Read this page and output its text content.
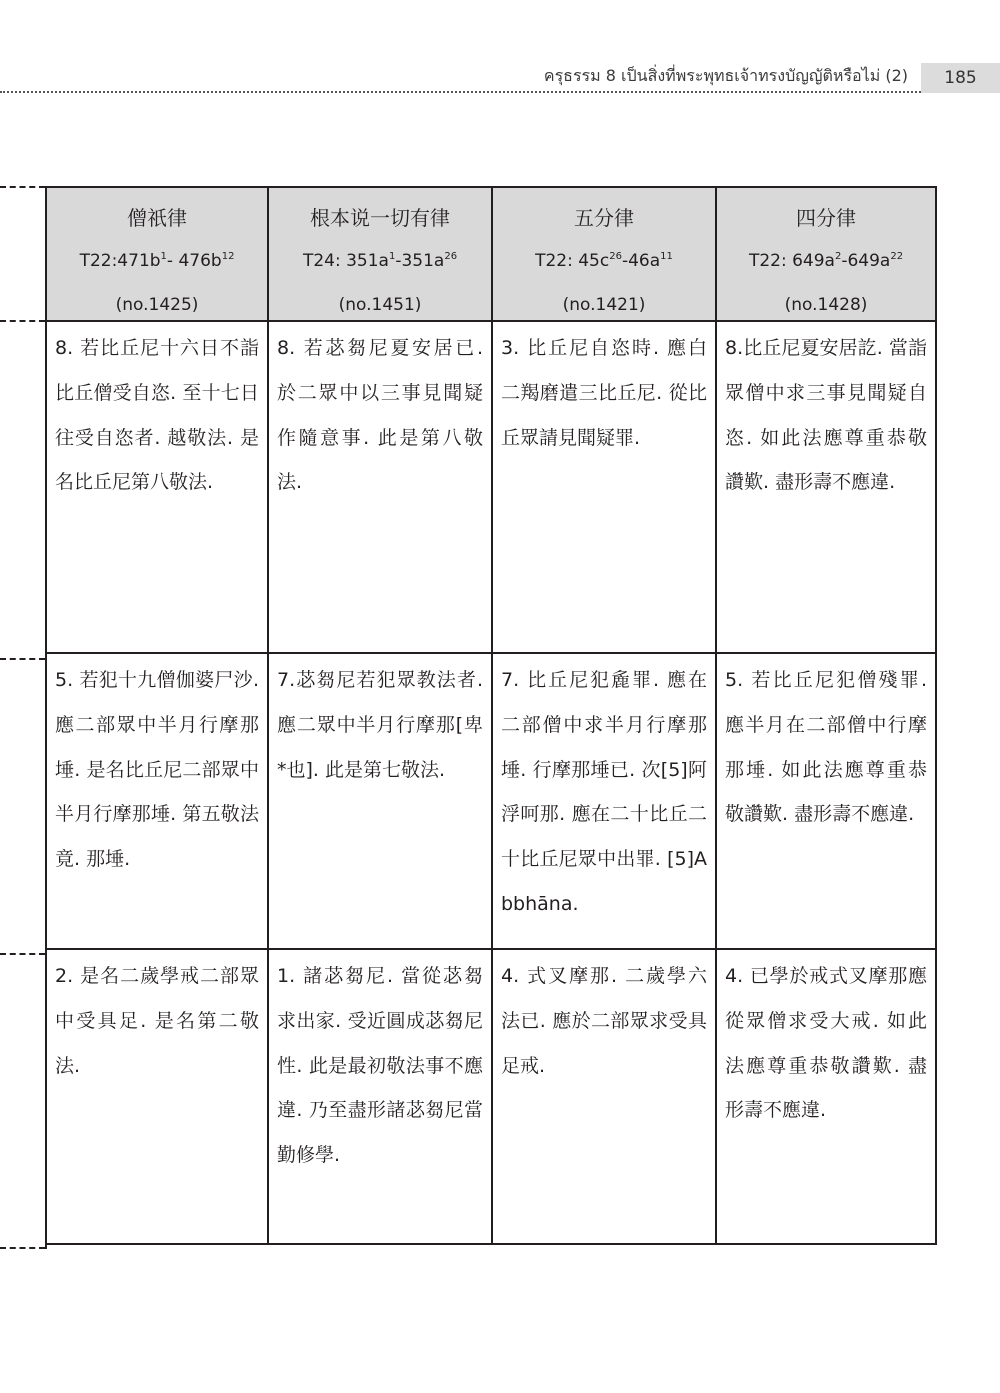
ครุธรรม 8 เป็นสิ่งที่พระพุทธเจ้าทรงบัญญัติหรือไม่ (2)	185
僧祇律
$T22:471b^1-$ $476b^{12}$
(no.1425)	根本说一切有律
T24: $351a^1-351a^{26}$
(no.1451)	五分律
T22: $45c^{26}-46a^{11}$
(no.1421)	四分律
T22: $649a^2-649a^{22}$
(no.1428)

8. 若比丘尼十六日不詣比丘僧受自恣. 至十七日往受自恣者. 越敬法. 是名比丘尼第八敬法.	8. 若苾芻尼夏安居已. 於二眾中以三事見聞疑作隨意事. 此是第八敬法.	3. 比丘尼自恣時. 應白二羯磨遣三比丘尼. 從比丘眾請見聞疑罪.	8.比丘尼夏安居訖. 當詣眾僧中求三事見聞疑自恣. 如此法應尊重恭敬讚歎. 盡形壽不應違.
5. 若犯十九僧伽婆尸沙. 應二部眾中半月行摩那埵. 是名比丘尼二部眾中半月行摩那埵. 第五敬法竟. 那埵.	7.苾芻尼若犯眾教法者. 應二眾中半月行摩那[卑*也]. 此是第七敬法.	7. 比丘尼犯麁罪. 應在二部僧中求半月行摩那埵. 行摩那埵已. 次[5]阿浮呵那. 應在二十比丘二十比丘尼眾中出罪. [5]Abbhāna.	5. 若比丘尼犯僧殘罪. 應半月在二部僧中行摩那埵. 如此法應尊重恭敬讚歎. 盡形壽不應違.
2. 是名二歲學戒二部眾中受具足. 是名第二敬法.	1. 諸苾芻尼. 當從苾芻求出家. 受近圓成苾芻尼性. 此是最初敬法事不應違. 乃至盡形諸苾芻尼當勤修學.	4. 式叉摩那. 二歲學六法已. 應於二部眾求受具足戒.	4. 已學於戒式叉摩那應從眾僧求受大戒. 如此法應尊重恭敬讚歎. 盡形壽不應違.
